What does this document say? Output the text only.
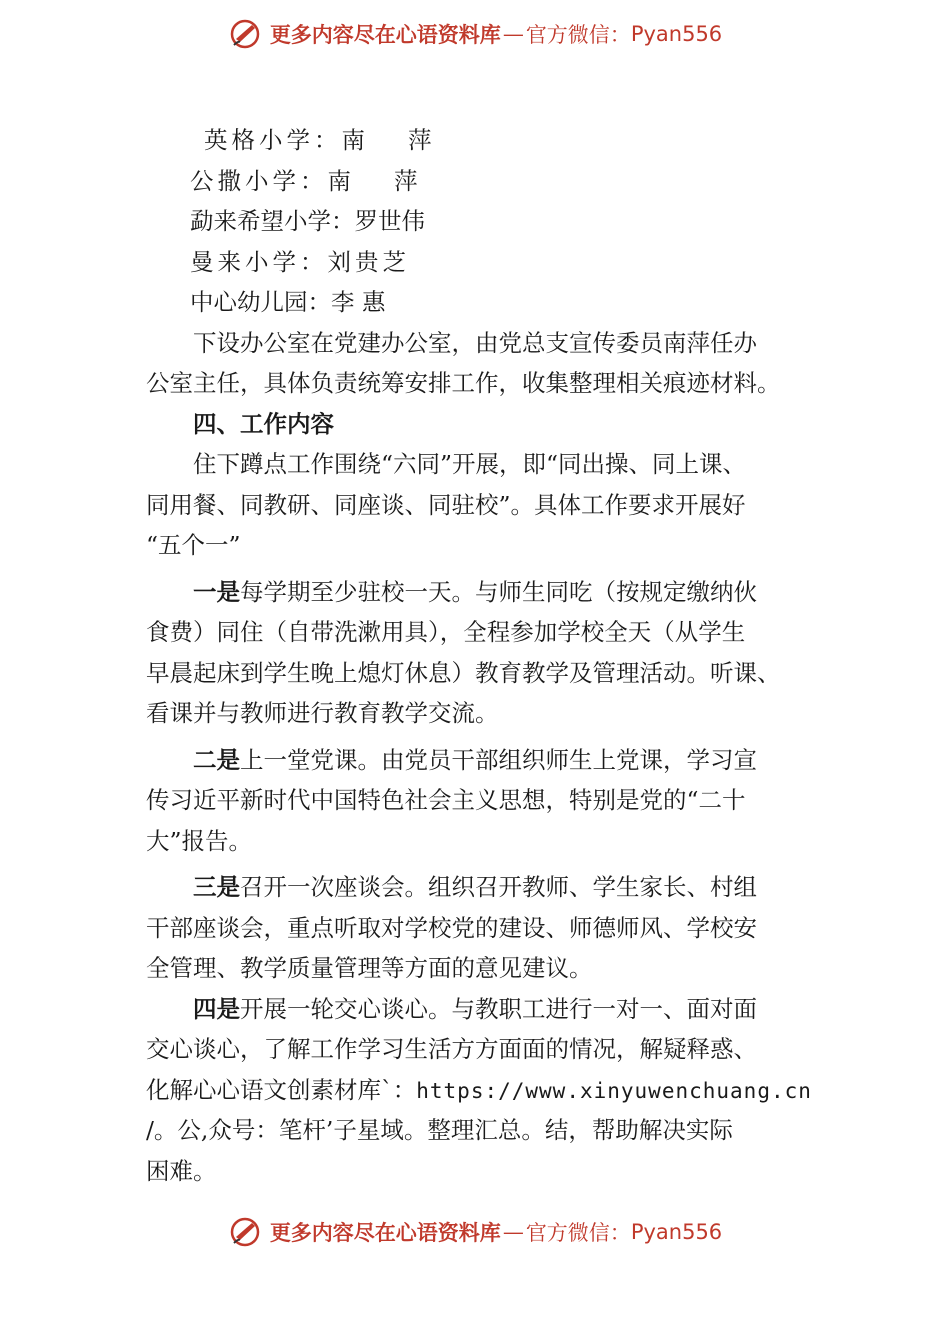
更多内容尽在心语资料库 — 官方微信： Pyan556
英格小学：南　 萍
公撒小学：南　 萍
勐来希望小学：罗世伟
曼来小学：刘贵芝
中心幼儿园：李 惠
下设办公室在党建办公室，由党总支宣传委员南萍任办
公室主任，具体负责统筹安排工作，收集整理相关痕迹材料。
四、工作内容
住下蹲点工作围绕“六同”开展，即“同出操、同上课、
同用餐、同教研、同座谈、同驻校”。具体工作要求开展好
“五个一”
一是每学期至少驻校一天。与师生同吃（按规定缴纳伙
食费）同住（自带洗漱用具），全程参加学校全天（从学生
早晨起床到学生晚上熄灯休息）教育教学及管理活动。听课、
看课并与教师进行教育教学交流。
二是上一堂党课。由党员干部组织师生上党课，学习宣
传习近平新时代中国特色社会主义思想，特别是党的“二十
大”报告。
三是召开一次座谈会。组织召开教师、学生家长、村组
干部座谈会，重点听取对学校党的建设、师德师风、学校安
全管理、教学质量管理等方面的意见建议。
四是开展一轮交心谈心。与教职工进行一对一、面对面
交心谈心，了解工作学习生活方方面面的情况，解疑释惑、
化解心心语文创素材库`：https://www.xinyuwenchuang.cn
/。公,众号：笔杆’子星域。整理汇总。结，帮助解决实际
困难。
更多内容尽在心语资料库 — 官方微信： Pyan556
